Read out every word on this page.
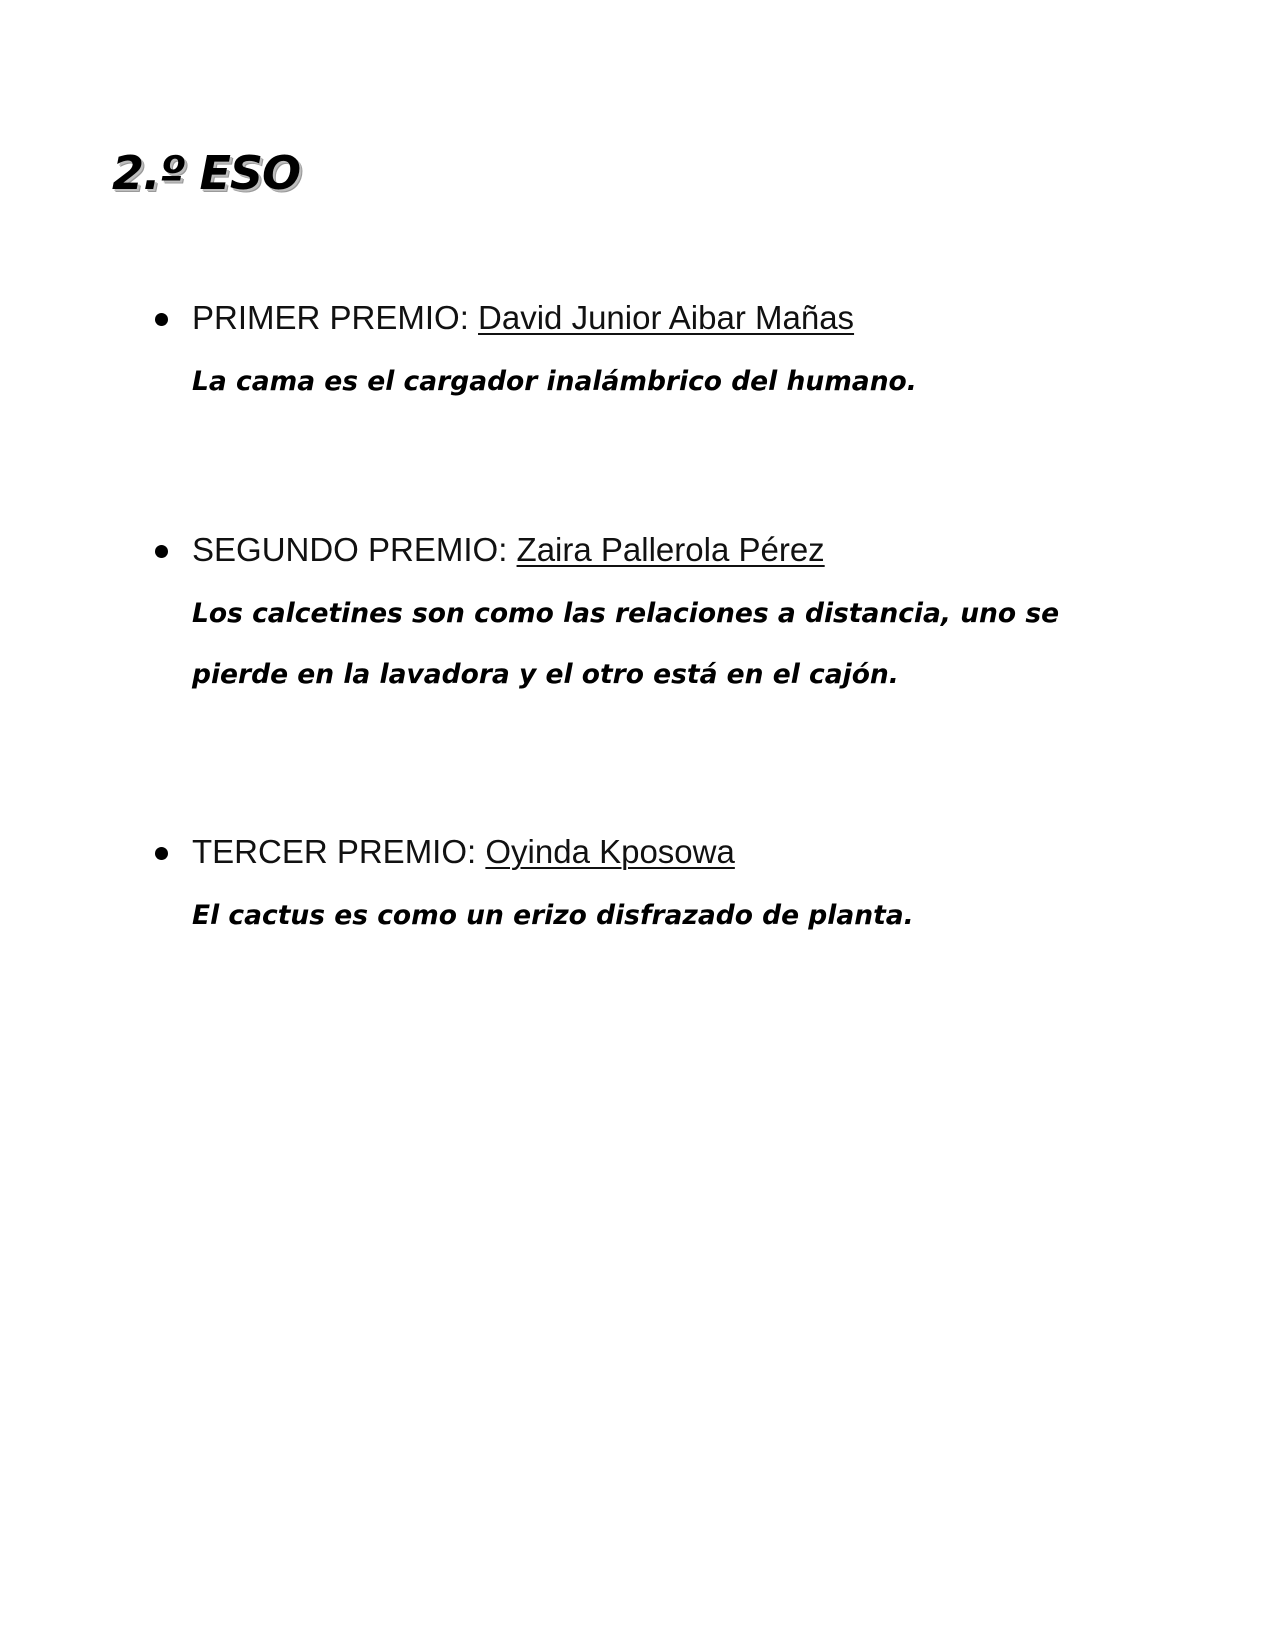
2.º ESO
PRIMER PREMIO: David Junior Aibar Mañas
La cama es el cargador inalámbrico del humano.
SEGUNDO PREMIO: Zaira Pallerola Pérez
Los calcetines son como las relaciones a distancia, uno se pierde en la lavadora y el otro está en el cajón.
TERCER PREMIO: Oyinda Kposowa
El cactus es como un erizo disfrazado de planta.
